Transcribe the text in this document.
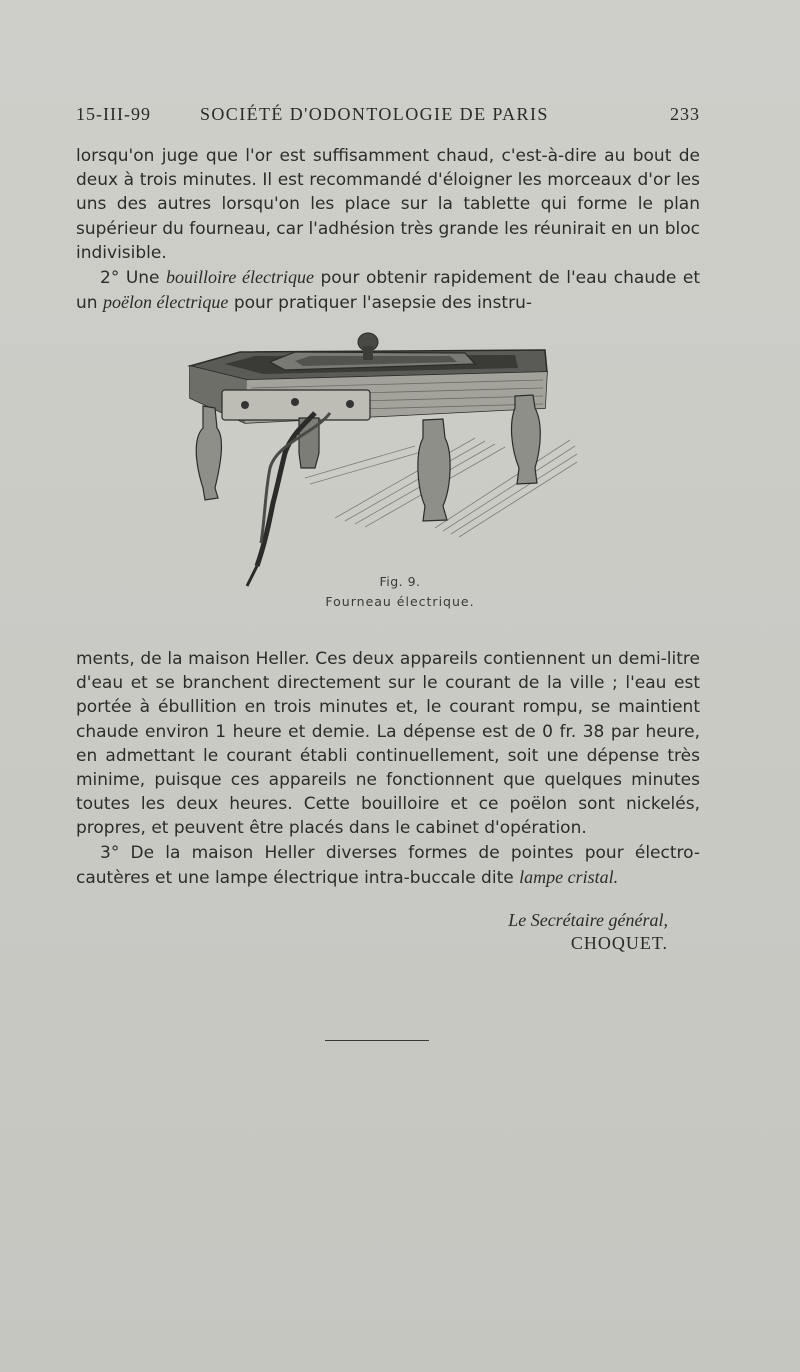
15-III-99	SOCIÉTÉ D'ODONTOLOGIE DE PARIS	233

lorsqu'on juge que l'or est suffisamment chaud, c'est-à-dire au bout de deux à trois minutes. Il est recommandé d'éloigner les morceaux d'or les uns des autres lorsqu'on les place sur la tablette qui forme le plan supérieur du fourneau, car l'adhésion très grande les réunirait en un bloc indivisible.

2° Une bouilloire électrique pour obtenir rapidement de l'eau chaude et un poëlon électrique pour pratiquer l'asepsie des instru-

Fig. 9.
Fourneau électrique.

ments, de la maison Heller. Ces deux appareils contiennent un demi-litre d'eau et se branchent directement sur le courant de la ville ; l'eau est portée à ébullition en trois minutes et, le courant rompu, se maintient chaude environ 1 heure et demie. La dépense est de 0 fr. 38 par heure, en admettant le courant établi continuellement, soit une dépense très minime, puisque ces appareils ne fonctionnent que quelques minutes toutes les deux heures. Cette bouilloire et ce poëlon sont nickelés, propres, et peuvent être placés dans le cabinet d'opération.

3° De la maison Heller diverses formes de pointes pour électro-cautères et une lampe électrique intra-buccale dite lampe cristal.

Le Secrétaire général,
CHOQUET.
